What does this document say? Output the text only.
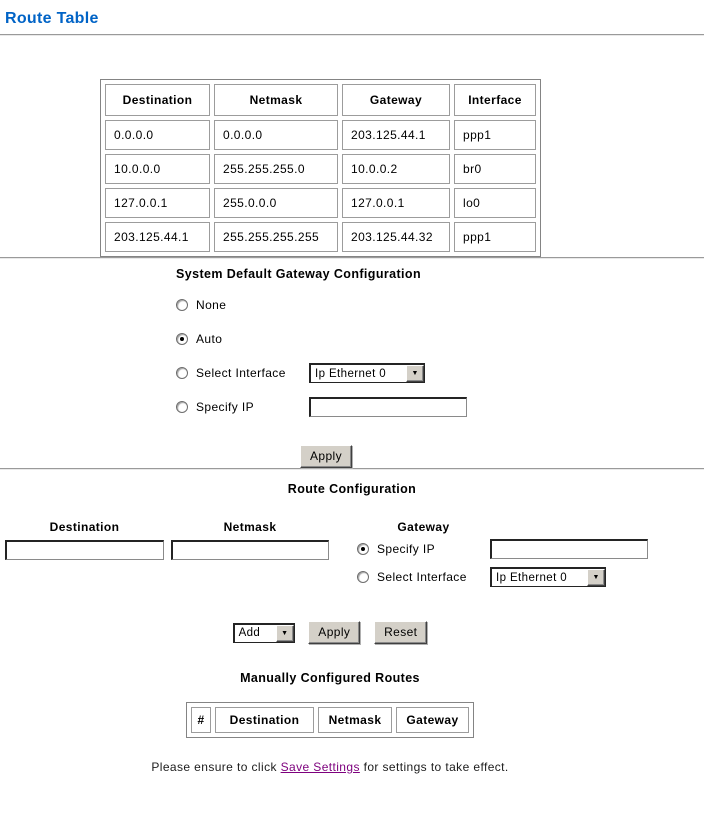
Route Table
Destination	Netmask	Gateway	Interface
0.0.0.0	0.0.0.0	203.125.44.1	ppp1
10.0.0.0	255.255.255.0	10.0.0.2	br0
127.0.0.1	255.0.0.0	127.0.0.1	lo0
203.125.44.1	255.255.255.255	203.125.44.32	ppp1
System Default Gateway Configuration
None
Auto
Select Interface	Ip Ethernet 0	▼
Specify IP
Apply
Route Configuration
Destination	Netmask	Gateway
Specify IP
Select Interface	Ip Ethernet 0	▼
Add	▼	Apply	Reset
Manually Configured Routes
#	Destination	Netmask	Gateway
Please ensure to click Save Settings for settings to take effect.
